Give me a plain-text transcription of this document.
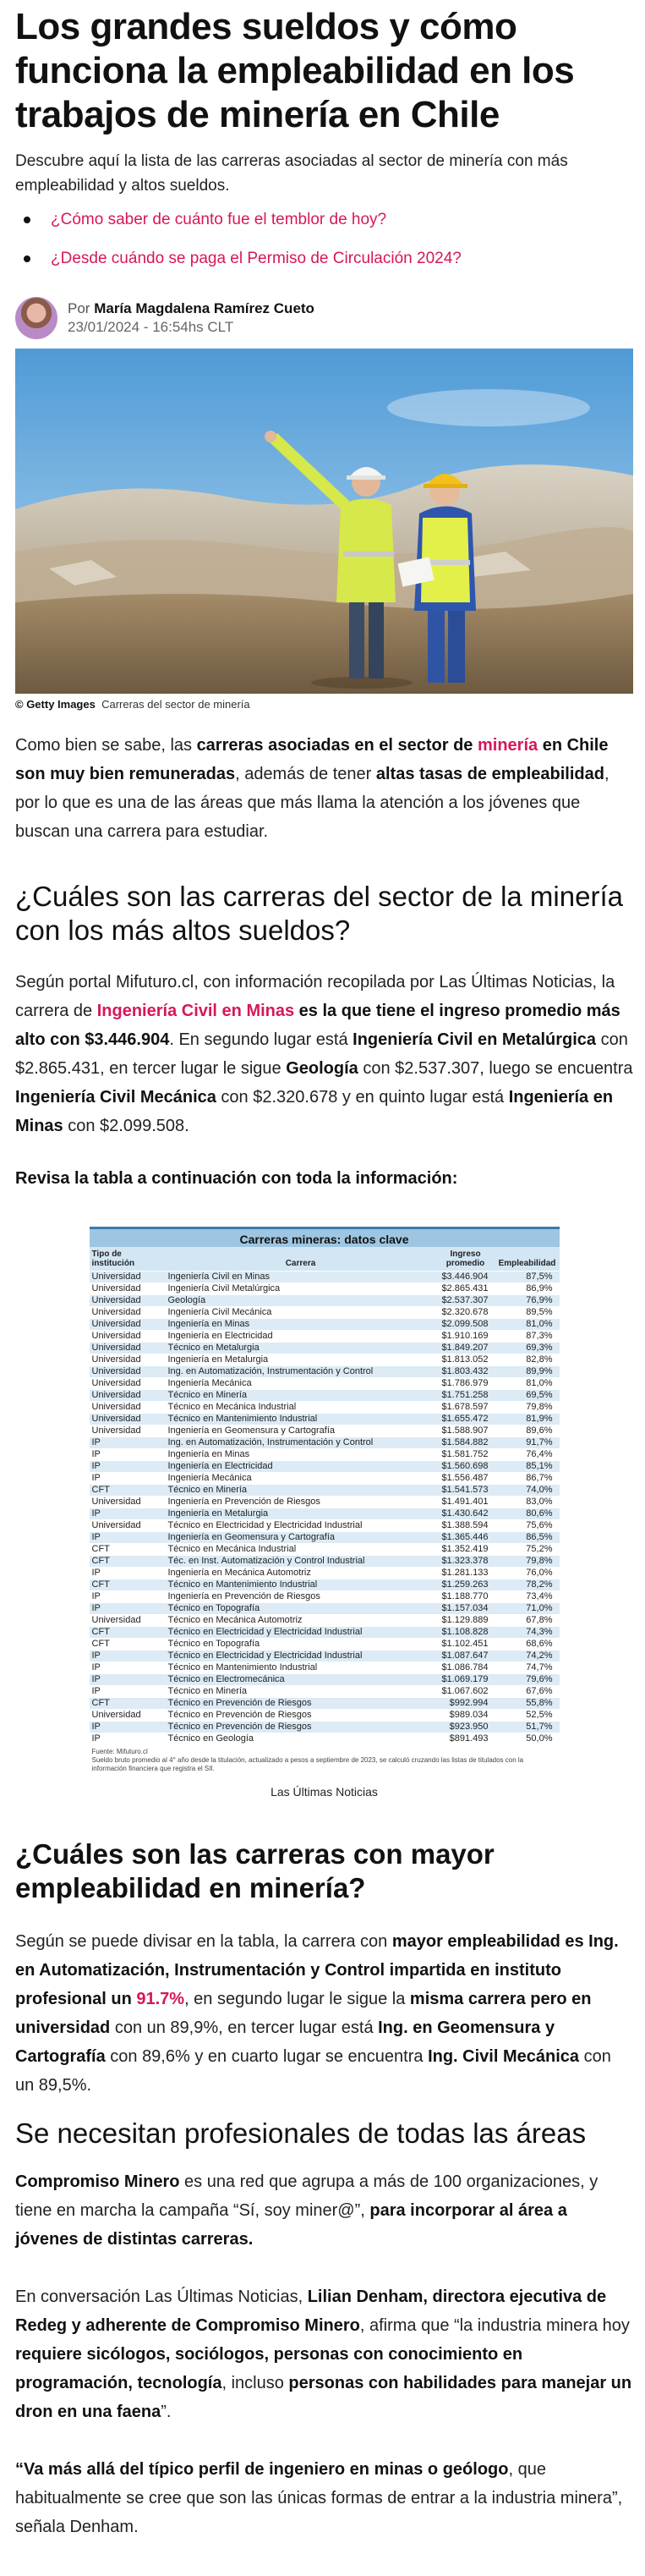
Los grandes sueldos y cómo funciona la empleabilidad en los trabajos de minería en Chile
Descubre aquí la lista de las carreras asociadas al sector de minería con más empleabilidad y altos sueldos.
¿Cómo saber de cuánto fue el temblor de hoy?
¿Desde cuándo se paga el Permiso de Circulación 2024?
Por María Magdalena Ramírez Cueto
23/01/2024 - 16:54hs CLT
© Getty Images Carreras del sector de minería

Como bien se sabe, las carreras asociadas en el sector de minería en Chile son muy bien remuneradas, además de tener altas tasas de empleabilidad, por lo que es una de las áreas que más llama la atención a los jóvenes que buscan una carrera para estudiar.

¿Cuáles son las carreras del sector de la minería con los más altos sueldos?

Según portal Mifuturo.cl, con información recopilada por Las Últimas Noticias, la carrera de Ingeniería Civil en Minas es la que tiene el ingreso promedio más alto con $3.446.904. En segundo lugar está Ingeniería Civil en Metalúrgica con $2.865.431, en tercer lugar le sigue Geología con $2.537.307, luego se encuentra Ingeniería Civil Mecánica con $2.320.678 y en quinto lugar está Ingeniería en Minas con $2.099.508.

Revisa la tabla a continuación con toda la información:

Carreras mineras: datos clave			
Tipo de institución	Carrera	Ingreso promedio	Empleabilidad
Universidad	Ingeniería Civil en Minas	$3.446.904	87,5%
Universidad	Ingeniería Civil Metalúrgica	$2.865.431	86,9%
Universidad	Geología	$2.537.307	76,9%
Universidad	Ingeniería Civil Mecánica	$2.320.678	89,5%
Universidad	Ingeniería en Minas	$2.099.508	81,0%
Universidad	Ingeniería en Electricidad	$1.910.169	87,3%
Universidad	Técnico en Metalurgia	$1.849.207	69,3%
Universidad	Ingeniería en Metalurgia	$1.813.052	82,8%
Universidad	Ing. en Automatización, Instrumentación y Control	$1.803.432	89,9%
Universidad	Ingeniería Mecánica	$1.786.979	81,0%
Universidad	Técnico en Minería	$1.751.258	69,5%
Universidad	Técnico en Mecánica Industrial	$1.678.597	79,8%
Universidad	Técnico en Mantenimiento Industrial	$1.655.472	81,9%
Universidad	Ingeniería en Geomensura y Cartografía	$1.588.907	89,6%
IP	Ing. en Automatización, Instrumentación y Control	$1.584.882	91,7%
IP	Ingeniería en Minas	$1.581.752	76,4%
IP	Ingeniería en Electricidad	$1.560.698	85,1%
IP	Ingeniería Mecánica	$1.556.487	86,7%
CFT	Técnico en Minería	$1.541.573	74,0%
Universidad	Ingeniería en Prevención de Riesgos	$1.491.401	83,0%
IP	Ingeniería en Metalurgia	$1.430.642	80,6%
Universidad	Técnico en Electricidad y Electricidad Industrial	$1.388.594	75,6%
IP	Ingeniería en Geomensura y Cartografía	$1.365.446	86,5%
CFT	Técnico en Mecánica Industrial	$1.352.419	75,2%
CFT	Téc. en Inst. Automatización y Control Industrial	$1.323.378	79,8%
IP	Ingeniería en Mecánica Automotriz	$1.281.133	76,0%
CFT	Técnico en Mantenimiento Industrial	$1.259.263	78,2%
IP	Ingeniería en Prevención de Riesgos	$1.188.770	73,4%
IP	Técnico en Topografía	$1.157.034	71,0%
Universidad	Técnico en Mecánica Automotriz	$1.129.889	67,8%
CFT	Técnico en Electricidad y Electricidad Industrial	$1.108.828	74,3%
CFT	Técnico en Topografía	$1.102.451	68,6%
IP	Técnico en Electricidad y Electricidad Industrial	$1.087.647	74,2%
IP	Técnico en Mantenimiento Industrial	$1.086.784	74,7%
IP	Técnico en Electromecánica	$1.069.179	79,6%
IP	Técnico en Minería	$1.067.602	67,6%
CFT	Técnico en Prevención de Riesgos	$992.994	55,8%
Universidad	Técnico en Prevención de Riesgos	$989.034	52,5%
IP	Técnico en Prevención de Riesgos	$923.950	51,7%
IP	Técnico en Geología	$891.493	50,0%
Fuente: Mifuturo.cl
Sueldo bruto promedio al 4° año desde la titulación, actualizado a pesos a septiembre de 2023, se calculó cruzando las listas de titulados con la información financiera que registra el SII.
Las Últimas Noticias
¿Cuáles son las carreras con mayor empleabilidad en minería?

Según se puede divisar en la tabla, la carrera con mayor empleabilidad es Ing. en Automatización, Instrumentación y Control impartida en instituto profesional un 91.7%, en segundo lugar le sigue la misma carrera pero en universidad con un 89,9%, en tercer lugar está Ing. en Geomensura y Cartografía con 89,6% y en cuarto lugar se encuentra Ing. Civil Mecánica con un 89,5%.

Se necesitan profesionales de todas las áreas

Compromiso Minero es una red que agrupa a más de 100 organizaciones, y tiene en marcha la campaña “Sí, soy miner@”, para incorporar al área a jóvenes de distintas carreras.

En conversación Las Últimas Noticias, Lilian Denham, directora ejecutiva de Redeg y adherente de Compromiso Minero, afirma que “la industria minera hoy requiere sicólogos, sociólogos, personas con conocimiento en programación, tecnología, incluso personas con habilidades para manejar un dron en una faena”.

“Va más allá del típico perfil de ingeniero en minas o geólogo, que habitualmente se cree que son las únicas formas de entrar a la industria minera”, señala Denham.
